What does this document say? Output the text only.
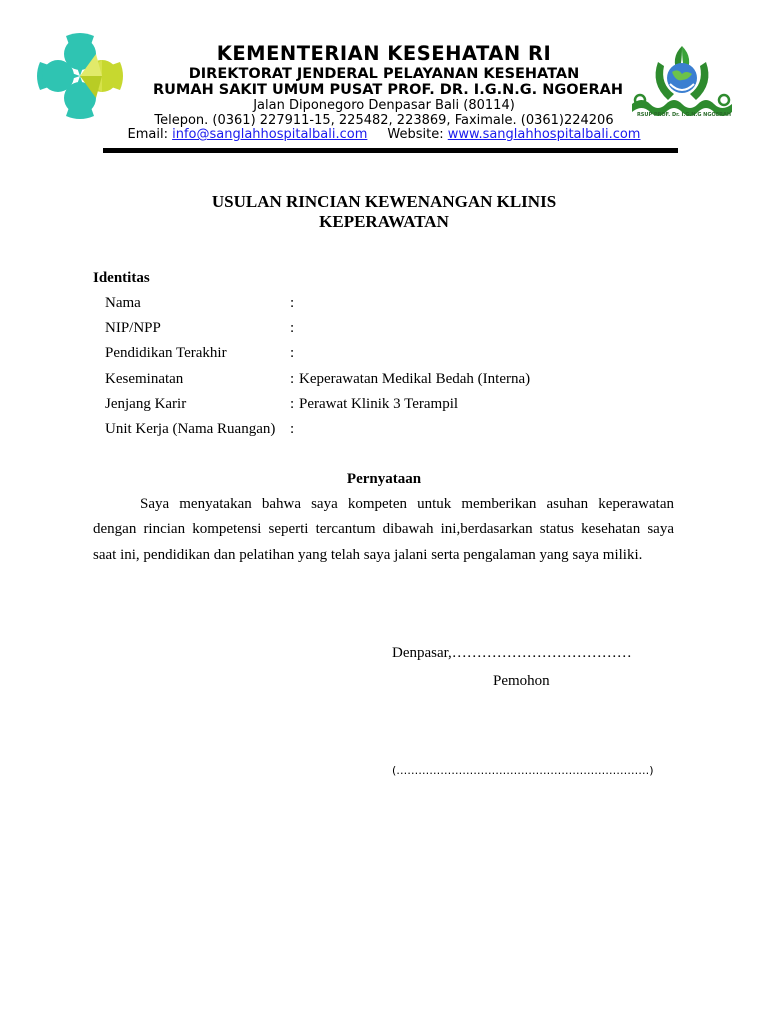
RSUP PROF. Dr. I.G.N.G NGOERAH
KEMENTERIAN KESEHATAN RI
DIREKTORAT JENDERAL PELAYANAN KESEHATAN
RUMAH SAKIT UMUM PUSAT PROF. DR. I.G.N.G. NGOERAH
Jalan Diponegoro Denpasar Bali (80114)
Telepon. (0361) 227911-15, 225482, 223869, Faximale. (0361)224206
Email: info@sanglahhospitalbali.com Website: www.sanglahhospitalbali.com
USULAN RINCIAN KEWENANGAN KLINIS
KEPERAWATAN
Identitas
Nama	:
NIP/NPP	:
Pendidikan Terakhir	:
Keseminatan	: Keperawatan Medikal Bedah (Interna)
Jenjang Karir	: Perawat Klinik 3 Terampil
Unit Kerja (Nama Ruangan) :
Pernyataan
Saya menyatakan bahwa saya kompeten untuk memberikan asuhan keperawatan
dengan rincian kompetensi seperti tercantum dibawah ini,berdasarkan status kesehatan saya
saat ini, pendidikan dan pelatihan yang telah saya jalani serta pengalaman yang saya miliki.
Denpasar,………………………………
Pemohon
(……………………………………………………………)
